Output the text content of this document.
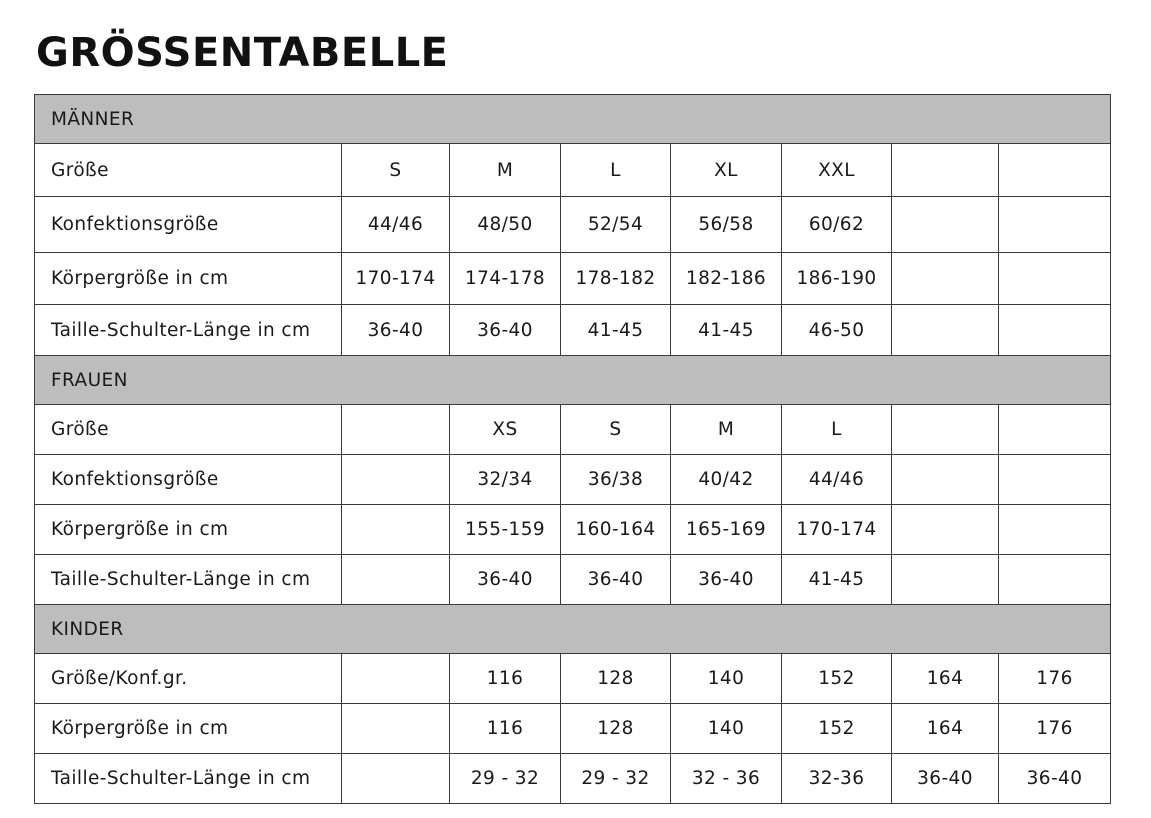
GRÖSSENTABELLE
MÄNNER							
Größe	S	M	L	XL	XXL		
Konfektionsgröße	44/46	48/50	52/54	56/58	60/62		
Körpergröße in cm	170-174	174-178	178-182	182-186	186-190		
Taille-Schulter-Länge in cm	36-40	36-40	41-45	41-45	46-50		
FRAUEN							
Größe		XS	S	M	L		
Konfektionsgröße		32/34	36/38	40/42	44/46		
Körpergröße in cm		155-159	160-164	165-169	170-174		
Taille-Schulter-Länge in cm		36-40	36-40	36-40	41-45		
KINDER							
Größe/Konf.gr.		116	128	140	152	164	176
Körpergröße in cm		116	128	140	152	164	176
Taille-Schulter-Länge in cm		29 - 32	29 - 32	32 - 36	32-36	36-40	36-40
